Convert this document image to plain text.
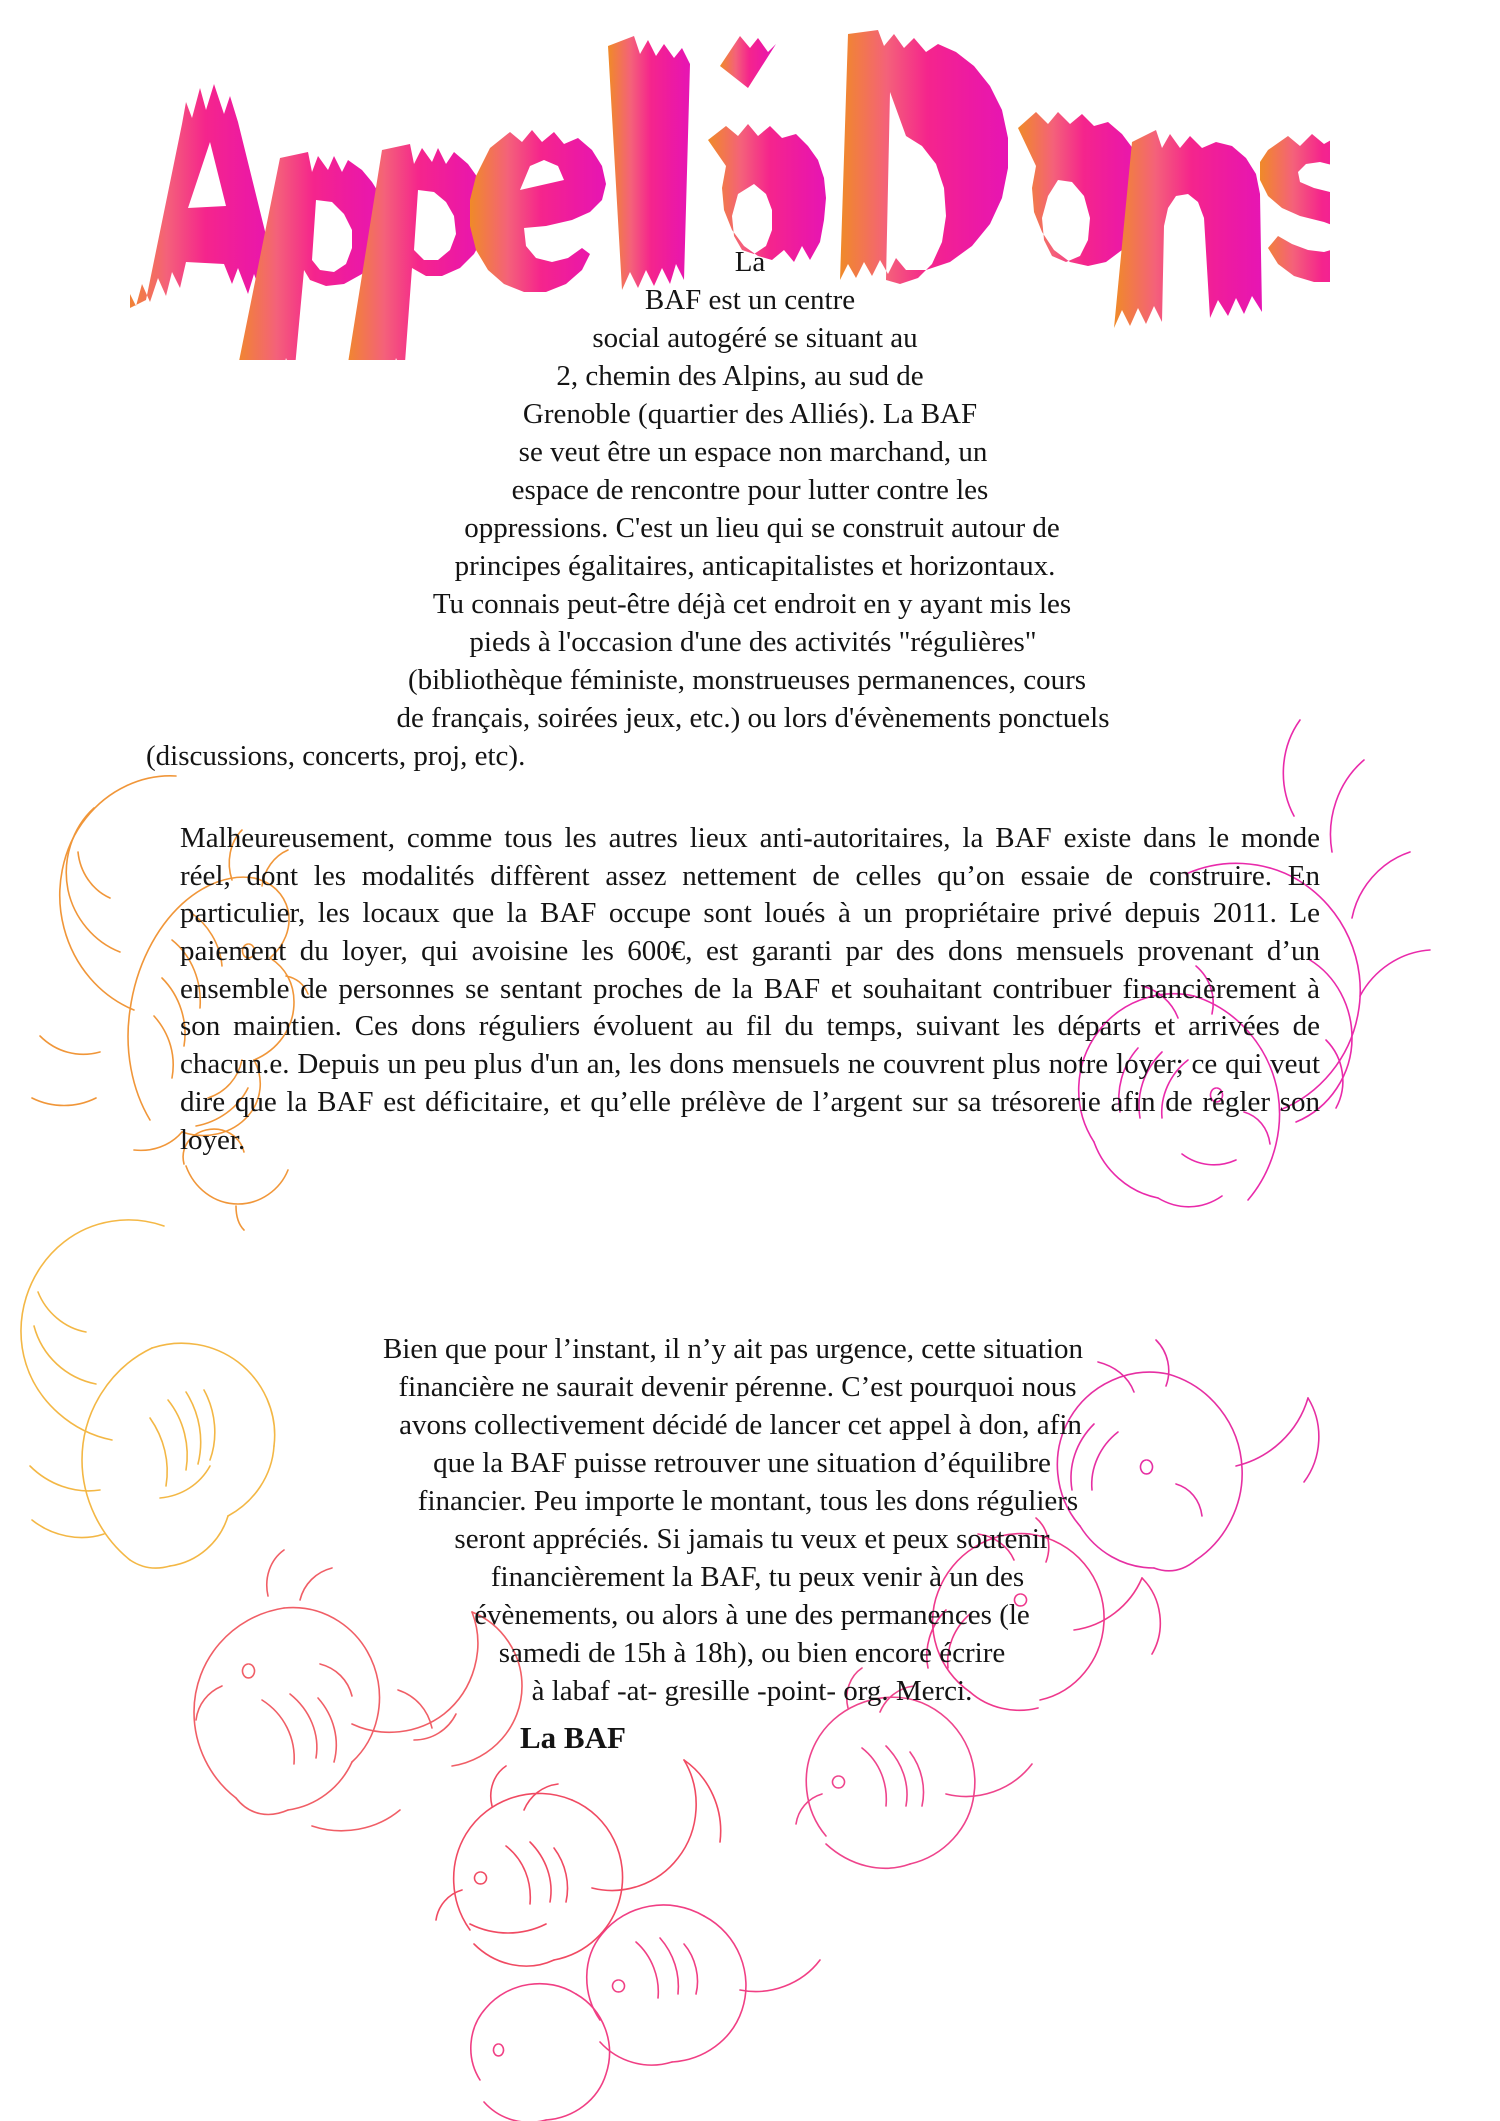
La
BAF est un centre
social autogéré se situant au
2, chemin des Alpins, au sud de
Grenoble (quartier des Alliés). La BAF
se veut être un espace non marchand, un
espace de rencontre pour lutter contre les
oppressions. C'est un lieu qui se construit autour de
principes égalitaires, anticapitalistes et horizontaux.
Tu connais peut-être déjà cet endroit en y ayant mis les
pieds à l'occasion d'une des activités "régulières"
(bibliothèque féministe, monstrueuses permanences, cours
de français, soirées jeux, etc.) ou lors d'évènements ponctuels
(discussions, concerts, proj, etc).

Malheureusement, comme tous les autres lieux anti-autoritaires, la BAF existe dans le monde réel, dont les modalités diffèrent assez nettement de celles qu’on essaie de construire. En particulier, les locaux que la BAF occupe sont loués à un propriétaire privé depuis 2011. Le paiement du loyer, qui avoisine les 600€, est garanti par des dons mensuels provenant d’un ensemble de personnes se sentant proches de la BAF et souhaitant contribuer financièrement à son maintien. Ces dons réguliers évoluent au fil du temps, suivant les départs et arrivées de chacun.e. Depuis un peu plus d'un an, les dons mensuels ne couvrent plus notre loyer; ce qui veut dire que la BAF est déficitaire, et qu’elle prélève de l’argent sur sa trésorerie afin de régler son loyer.

Bien que pour l’instant, il n’y ait pas urgence, cette situation
financière ne saurait devenir pérenne. C’est pourquoi nous
avons collectivement décidé de lancer cet appel à don, afin
que la BAF puisse retrouver une situation d’équilibre
financier. Peu importe le montant, tous les dons réguliers
seront appréciés. Si jamais tu veux et peux soutenir
financièrement la BAF, tu peux venir à un des
évènements, ou alors à une des permanences (le
samedi de 15h à 18h), ou bien encore écrire
à labaf -at- gresille -point- org. Merci.
La BAF
